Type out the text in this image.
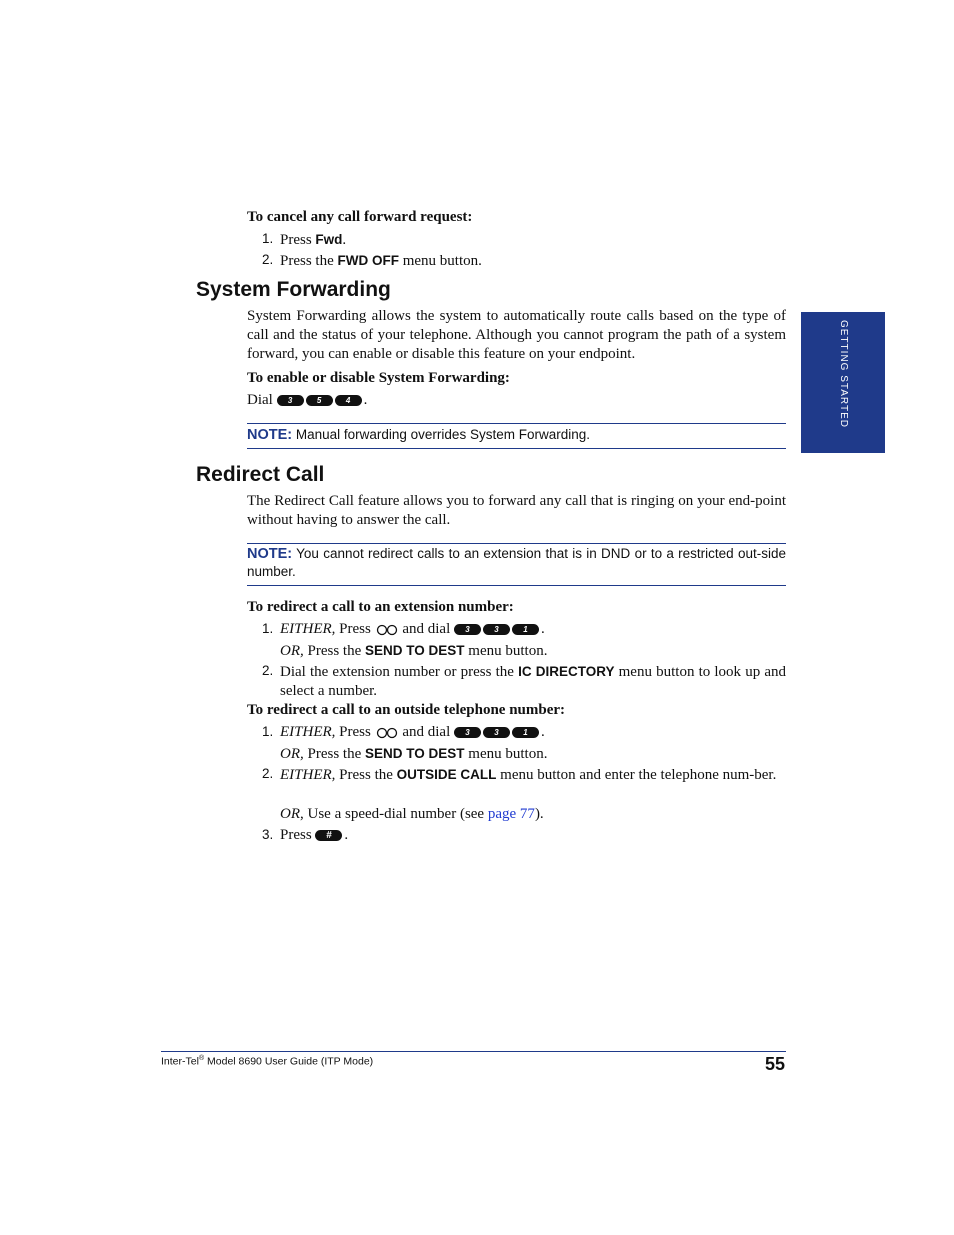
To cancel any call forward request:
1. Press Fwd.
2. Press the FWD OFF menu button.
System Forwarding
System Forwarding allows the system to automatically route calls based on the type of call and the status of your telephone. Although you cannot program the path of a system forward, you can enable or disable this feature on your endpoint.
To enable or disable System Forwarding:
Dial 3	5	4 .
NOTE: Manual forwarding overrides System Forwarding.
Redirect Call
The Redirect Call feature allows you to forward any call that is ringing on your end-point without having to answer the call.
NOTE: You cannot redirect calls to an extension that is in DND or to a restricted out-side number.
To redirect a call to an extension number:
1. EITHER, Press  and dial 3	3	1 .
OR, Press the SEND TO DEST menu button.
2. Dial the extension number or press the IC DIRECTORY menu button to look up and select a number.
To redirect a call to an outside telephone number:
1. EITHER, Press  and dial 3	3	1 .
OR, Press the SEND TO DEST menu button.
2. EITHER, Press the OUTSIDE CALL menu button and enter the telephone num-ber.
OR, Use a speed-dial number (see page 77).
3. Press # .
GETTING STARTED
Inter-Tel® Model 8690 User Guide (ITP Mode)	55
